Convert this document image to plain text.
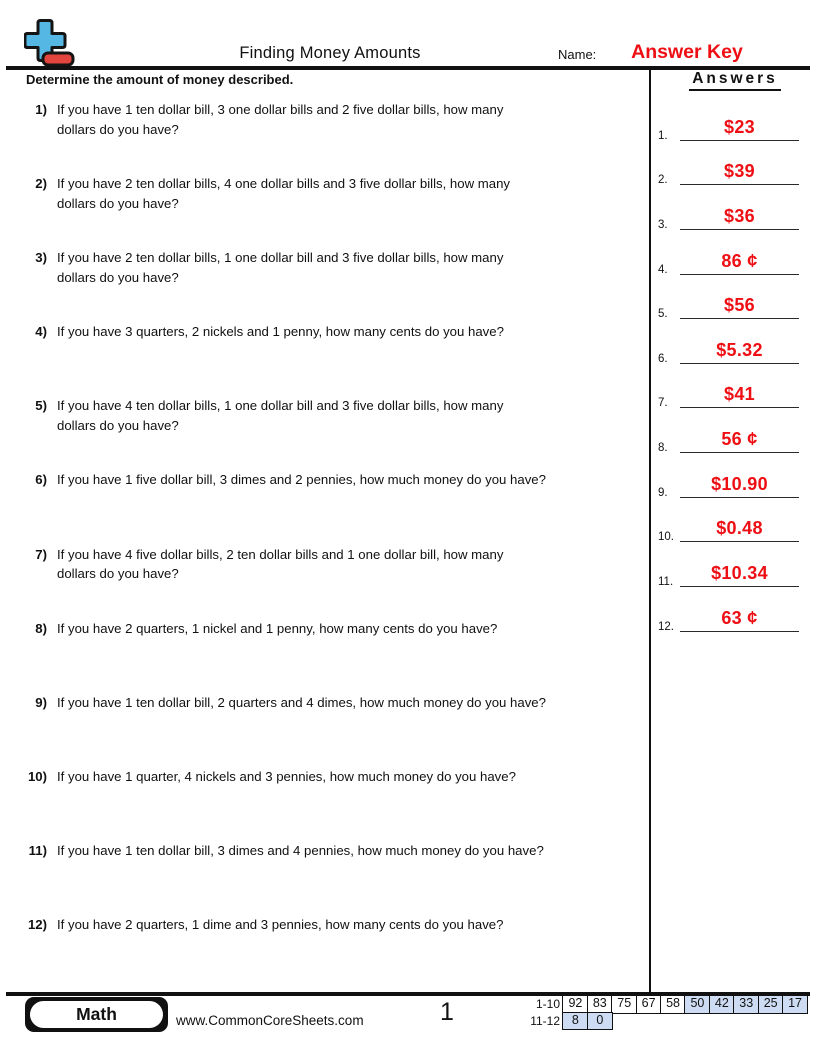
Finding Money Amounts	Name:	Answer Key
Determine the amount of money described.	Answers
1.	$23
2.	$39
3.	$36
4.	86 ¢
5.	$56
6.	$5.32
7.	$41
8.	56 ¢
9.	$10.90
10.	$0.48
11.	$10.34
12.	63 ¢
1) If you have 1 ten dollar bill, 3 one dollar bills and 2 five dollar bills, how many
dollars do you have?
2) If you have 2 ten dollar bills, 4 one dollar bills and 3 five dollar bills, how many
dollars do you have?
3) If you have 2 ten dollar bills, 1 one dollar bill and 3 five dollar bills, how many
dollars do you have?
4) If you have 3 quarters, 2 nickels and 1 penny, how many cents do you have?
5) If you have 4 ten dollar bills, 1 one dollar bill and 3 five dollar bills, how many
dollars do you have?
6) If you have 1 five dollar bill, 3 dimes and 2 pennies, how much money do you have?
7) If you have 4 five dollar bills, 2 ten dollar bills and 1 one dollar bill, how many
dollars do you have?
8) If you have 2 quarters, 1 nickel and 1 penny, how many cents do you have?
9) If you have 1 ten dollar bill, 2 quarters and 4 dimes, how much money do you have?
10) If you have 1 quarter, 4 nickels and 3 pennies, how much money do you have?
11) If you have 1 ten dollar bill, 3 dimes and 4 pennies, how much money do you have?
12) If you have 2 quarters, 1 dime and 3 pennies, how many cents do you have?
Math	www.CommonCoreSheets.com	1	1-10 92 83 75 67 58 50 42 33 25 17
11-12 8	0
